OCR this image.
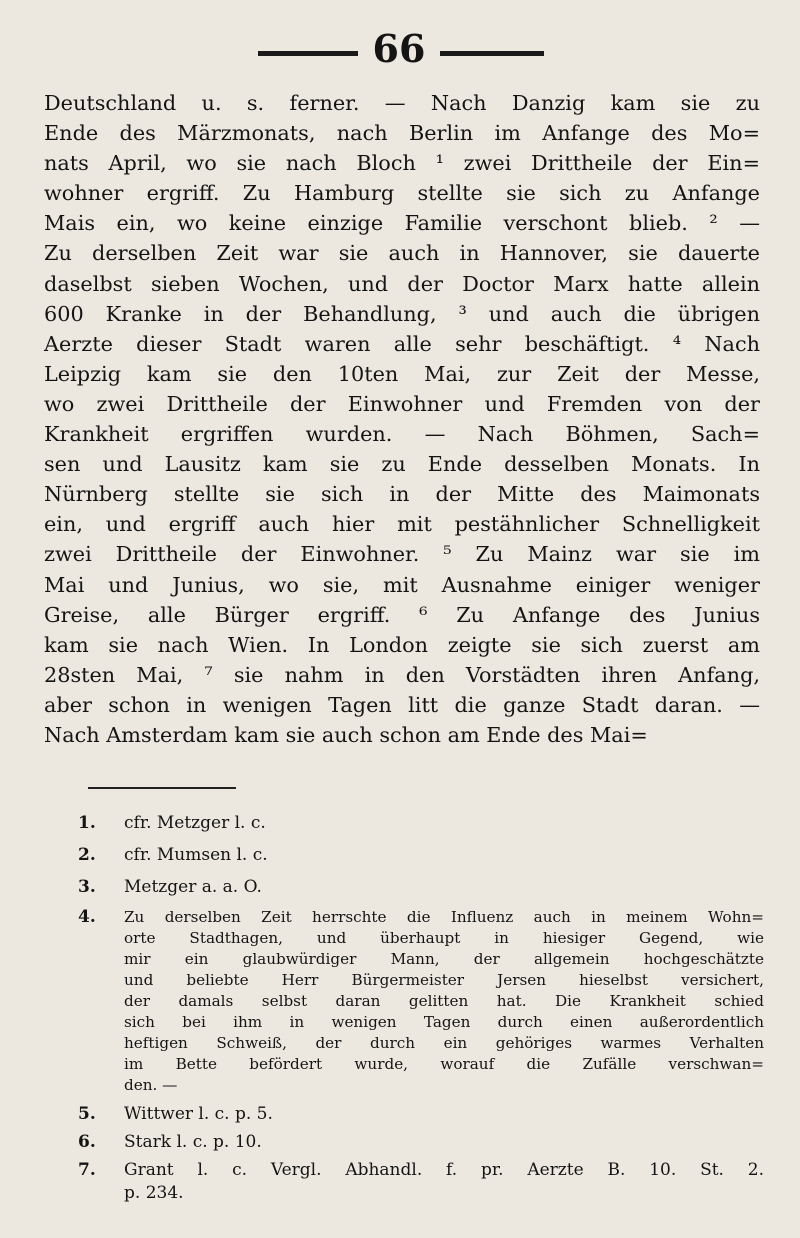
66
Deutschland u. s. ferner. — Nach Danzig kam sie zu
Ende des Märzmonats, nach Berlin im Anfange des Mo=
nats April, wo sie nach Bloch ¹ zwei Drittheile der Ein=
wohner ergriff. Zu Hamburg stellte sie sich zu Anfange
Mais ein, wo keine einzige Familie verschont blieb. ² —
Zu derselben Zeit war sie auch in Hannover, sie dauerte
daselbst sieben Wochen, und der Doctor Marx hatte allein
600 Kranke in der Behandlung, ³ und auch die übrigen
Aerzte dieser Stadt waren alle sehr beschäftigt. ⁴ Nach
Leipzig kam sie den 10ten Mai, zur Zeit der Messe,
wo zwei Drittheile der Einwohner und Fremden von der
Krankheit ergriffen wurden. — Nach Böhmen, Sach=
sen und Lausitz kam sie zu Ende desselben Monats. In
Nürnberg stellte sie sich in der Mitte des Maimonats
ein, und ergriff auch hier mit pestähnlicher Schnelligkeit
zwei Drittheile der Einwohner. ⁵ Zu Mainz war sie im
Mai und Junius, wo sie, mit Ausnahme einiger weniger
Greise, alle Bürger ergriff. ⁶ Zu Anfange des Junius
kam sie nach Wien. In London zeigte sie sich zuerst am
28sten Mai, ⁷ sie nahm in den Vorstädten ihren Anfang,
aber schon in wenigen Tagen litt die ganze Stadt daran. —
Nach Amsterdam kam sie auch schon am Ende des Mai=
1.	cfr. Metzger l. c.
2.	cfr. Mumsen l. c.
3.	Metzger a. a. O.
4.	Zu derselben Zeit herrschte die Influenz auch in meinem Wohn=
orte Stadthagen, und überhaupt in hiesiger Gegend, wie
mir ein glaubwürdiger Mann, der allgemein hochgeschätzte
und beliebte Herr Bürgermeister Jersen hieselbst versichert,
der damals selbst daran gelitten hat. Die Krankheit schied
sich bei ihm in wenigen Tagen durch einen außerordentlich
heftigen Schweiß, der durch ein gehöriges warmes Verhalten
im Bette befördert wurde, worauf die Zufälle verschwan=
den. —
5.	Wittwer l. c. p. 5.
6.	Stark l. c. p. 10.
7.	Grant l. c. Vergl. Abhandl. f. pr. Aerzte B. 10. St. 2.
p. 234.
